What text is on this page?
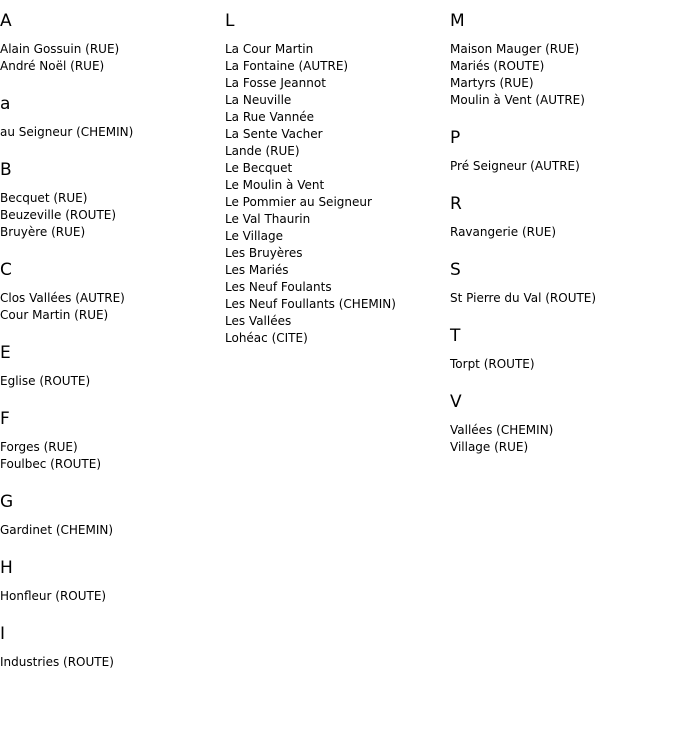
A
Alain Gossuin (RUE)
André Noël (RUE)
a
au Seigneur (CHEMIN)
B
Becquet (RUE)
Beuzeville (ROUTE)
Bruyère (RUE)
C
Clos Vallées (AUTRE)
Cour Martin (RUE)
E
Eglise (ROUTE)
F
Forges (RUE)
Foulbec (ROUTE)
G
Gardinet (CHEMIN)
H
Honfleur (ROUTE)
I
Industries (ROUTE)
L
La Cour Martin
La Fontaine (AUTRE)
La Fosse Jeannot
La Neuville
La Rue Vannée
La Sente Vacher
Lande (RUE)
Le Becquet
Le Moulin à Vent
Le Pommier au Seigneur
Le Val Thaurin
Le Village
Les Bruyères
Les Mariés
Les Neuf Foulants
Les Neuf Foullants (CHEMIN)
Les Vallées
Lohéac (CITE)
M
Maison Mauger (RUE)
Mariés (ROUTE)
Martyrs (RUE)
Moulin à Vent (AUTRE)
P
Pré Seigneur (AUTRE)
R
Ravangerie (RUE)
S
St Pierre du Val (ROUTE)
T
Torpt (ROUTE)
V
Vallées (CHEMIN)
Village (RUE)
